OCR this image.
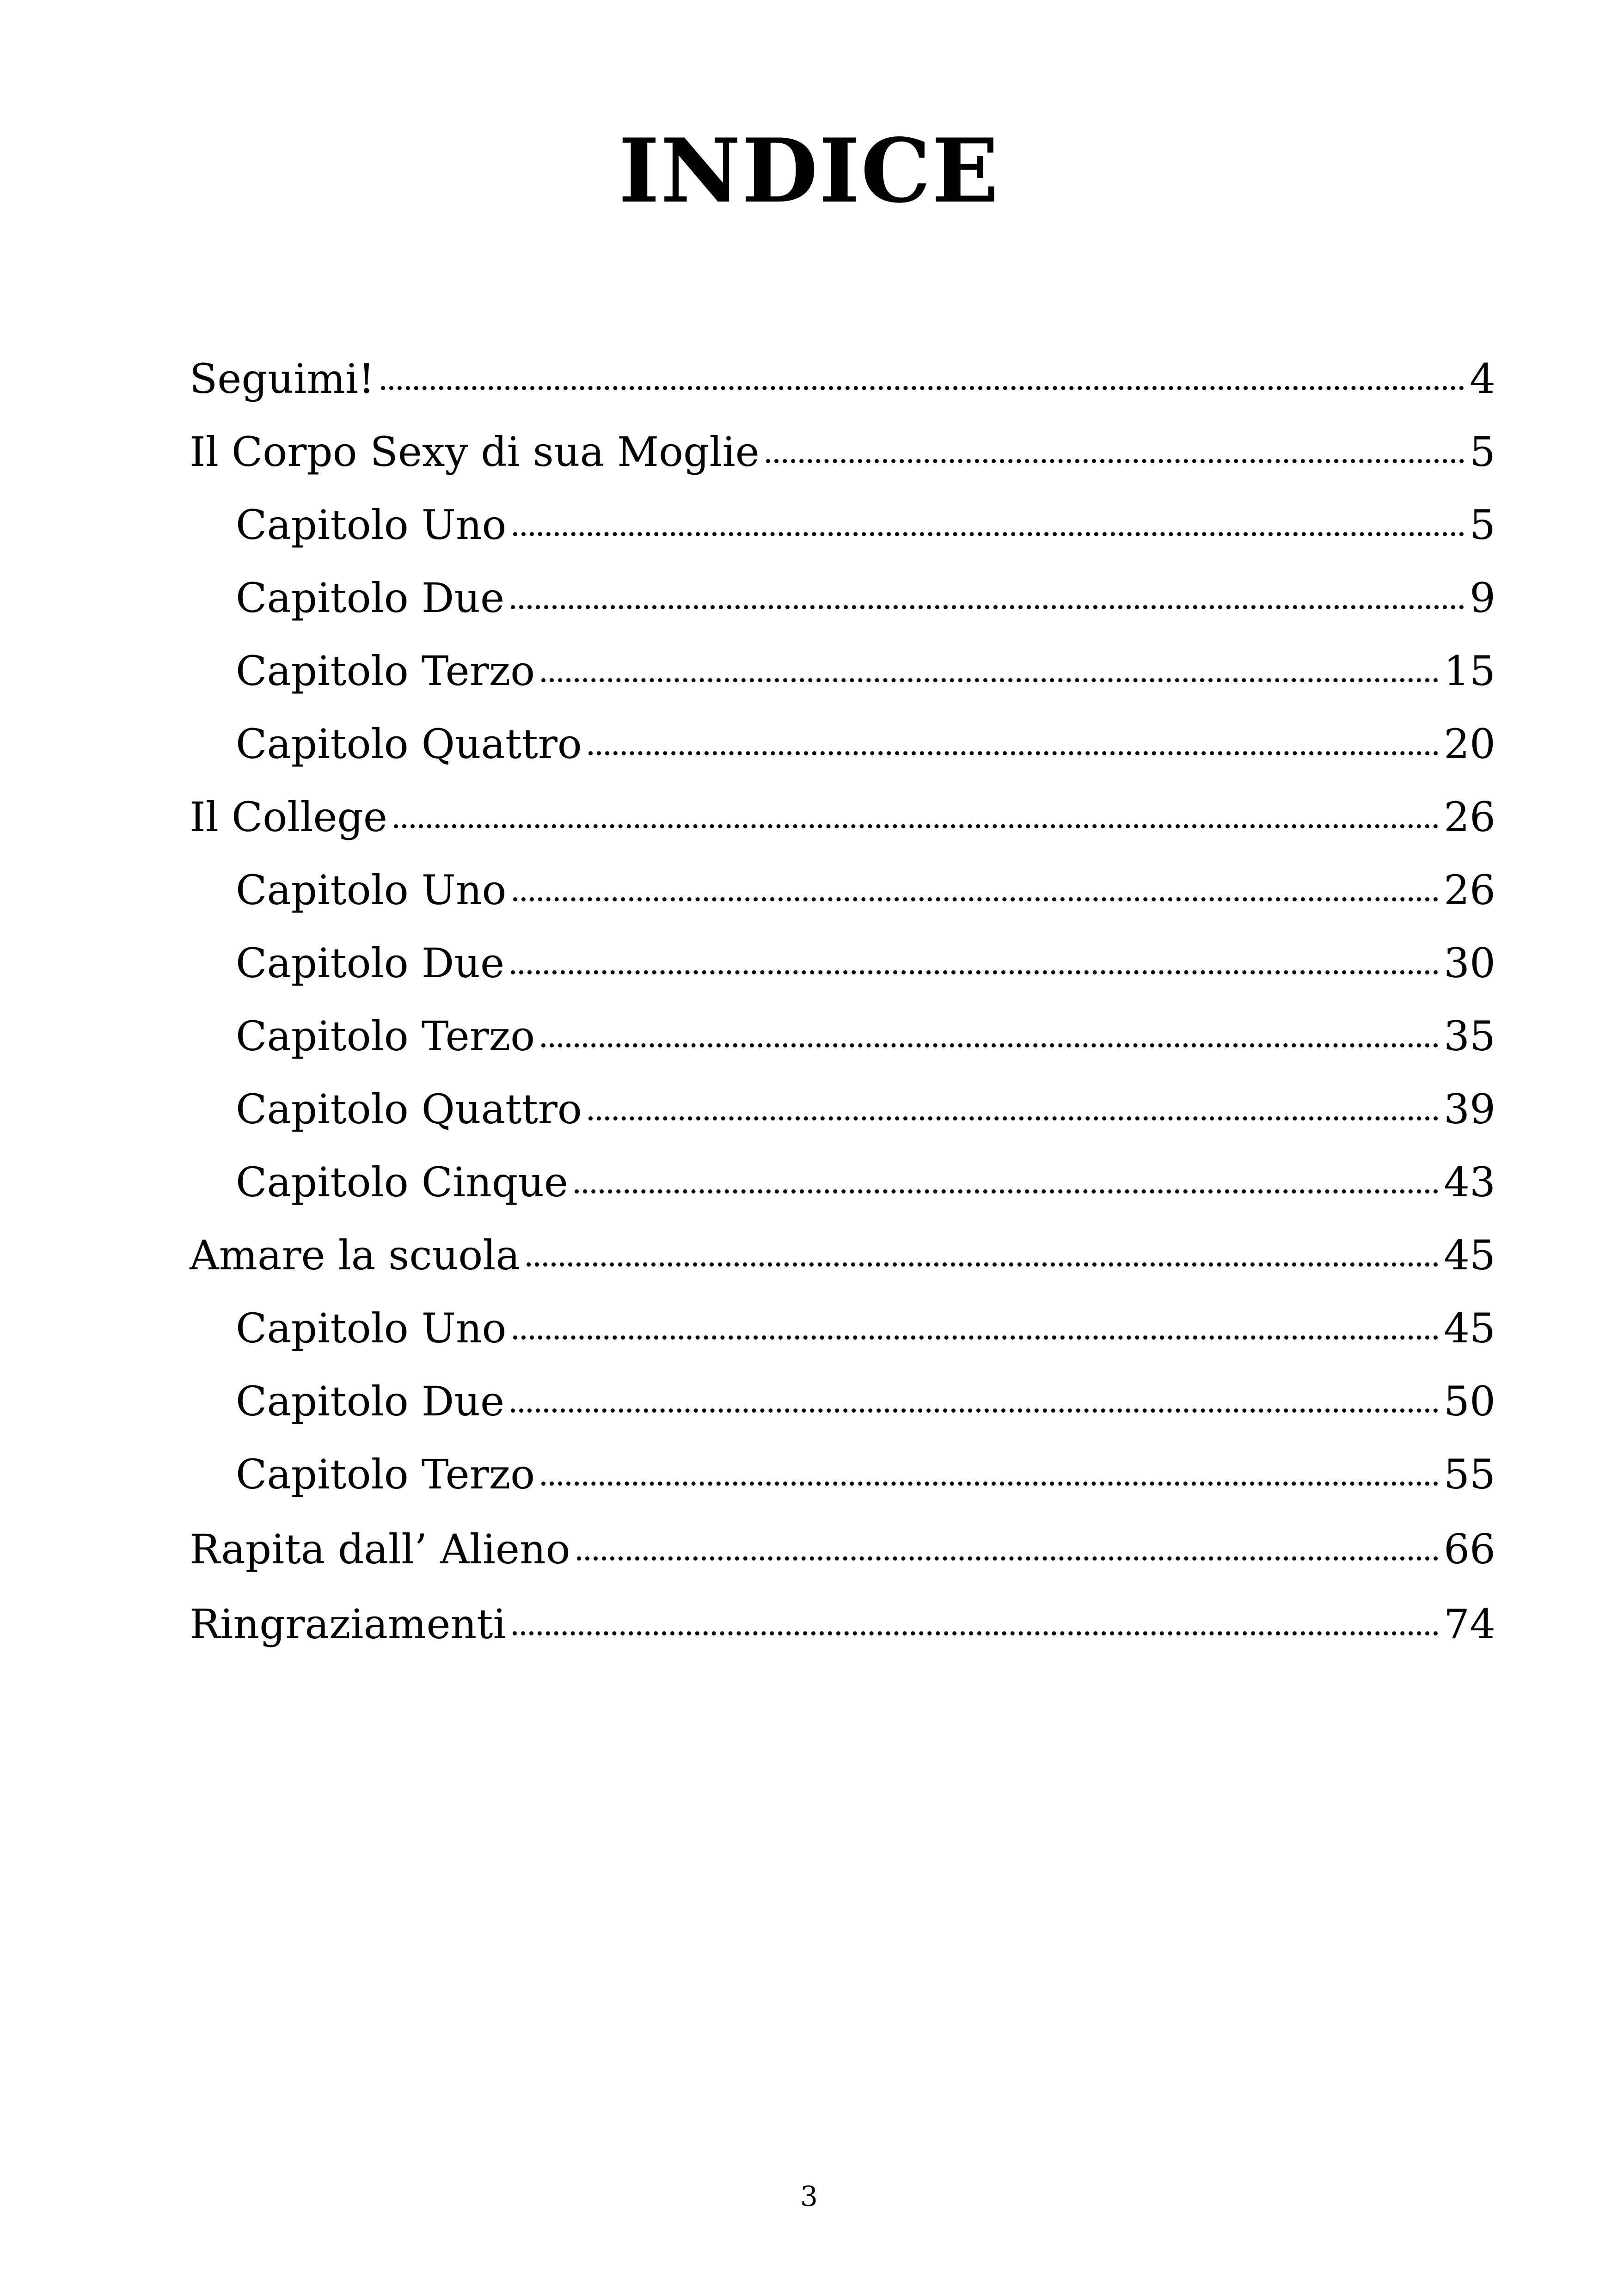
INDICE
Seguimi!	4
Il Corpo Sexy di sua Moglie	5
Capitolo Uno	5
Capitolo Due	9
Capitolo Terzo	15
Capitolo Quattro	20
Il College	26
Capitolo Uno	26
Capitolo Due	30
Capitolo Terzo	35
Capitolo Quattro	39
Capitolo Cinque	43
Amare la scuola	45
Capitolo Uno	45
Capitolo Due	50
Capitolo Terzo	55
Rapita dall’ Alieno	66
Ringraziamenti	74
3
